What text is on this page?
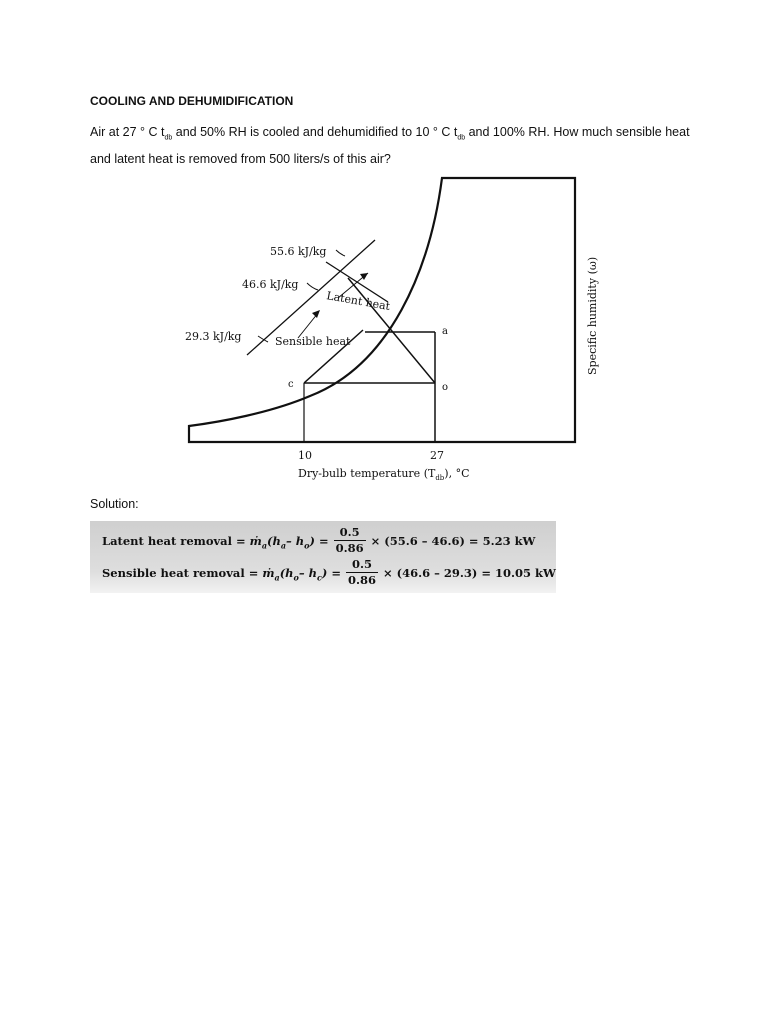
COOLING AND DEHUMIDIFICATION
Air at 27 ° C $t_{db}$ and 50% RH is cooled and dehumidified to 10 ° C $t_{db}$ and 100% RH. How much sensible heat and latent heat is removed from 500 liters/s of this air?
55.6 kJ/kg
46.6 kJ/kg
29.3 kJ/kg
Latent heat
Sensible heat
a
o
c
10	27
Dry-bulb temperature $(T_{db})$, °C
Specific humidity (ω)
Solution:
Latent heat removal = $ṁ_a(h_a-$ $h_o) = \frac{0.5}{0.86} \times (55.6 - 46.6) = 5.23$ kW
Sensible heat removal = $ṁ_a(h_o-$ $h_c) = \frac{0.5}{0.86} \times (46.6 - 29.3) = 10.05$ kW
